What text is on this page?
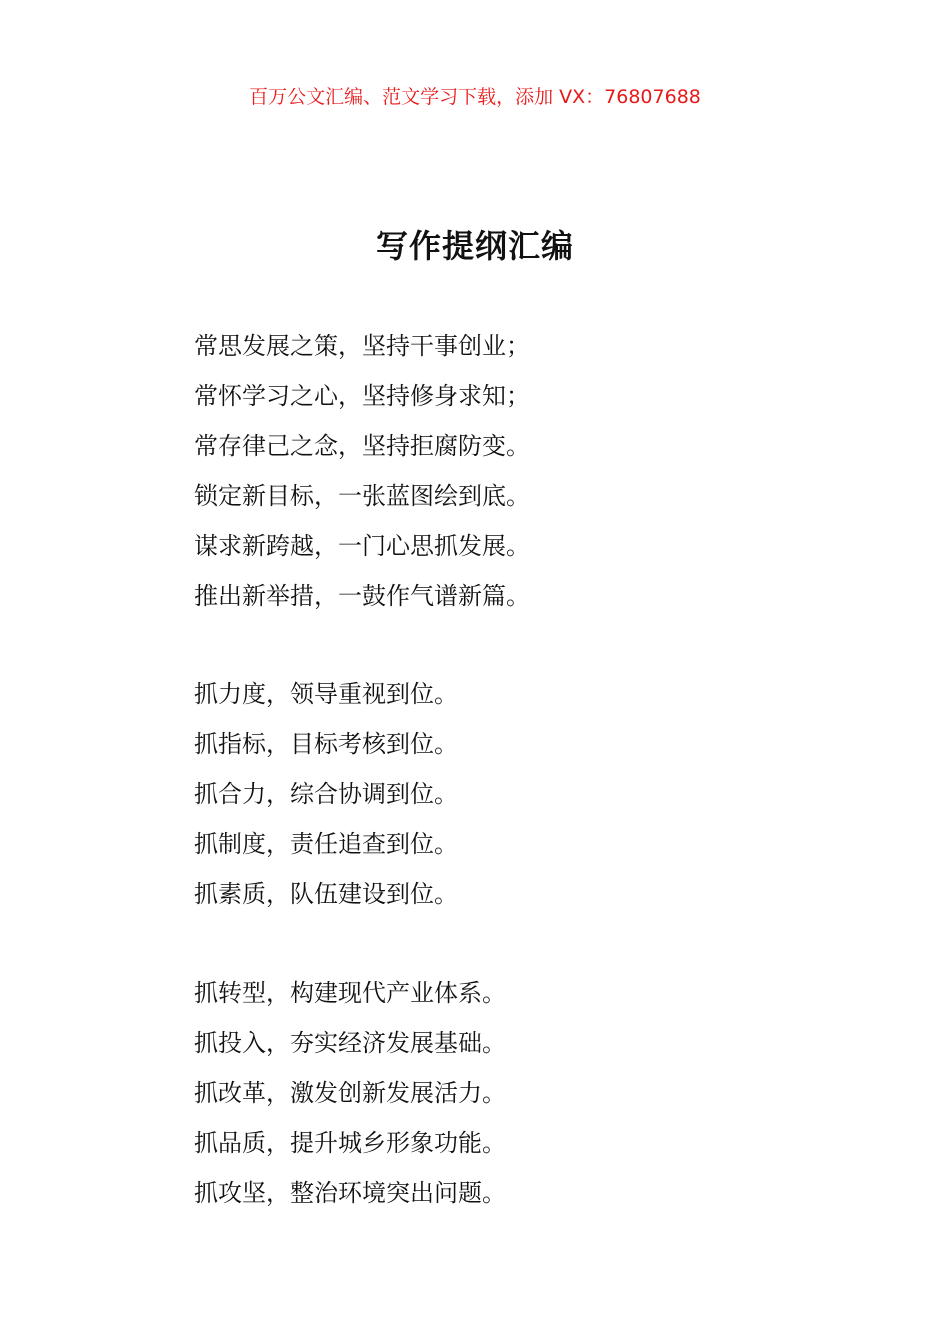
百万公文汇编、范文学习下载，添加 VX：76807688
写作提纲汇编
常思发展之策，坚持干事创业；
常怀学习之心，坚持修身求知；
常存律己之念，坚持拒腐防变。
锁定新目标，一张蓝图绘到底。
谋求新跨越，一门心思抓发展。
推出新举措，一鼓作气谱新篇。
抓力度，领导重视到位。
抓指标，目标考核到位。
抓合力，综合协调到位。
抓制度，责任追查到位。
抓素质，队伍建设到位。
抓转型，构建现代产业体系。
抓投入，夯实经济发展基础。
抓改革，激发创新发展活力。
抓品质，提升城乡形象功能。
抓攻坚，整治环境突出问题。
